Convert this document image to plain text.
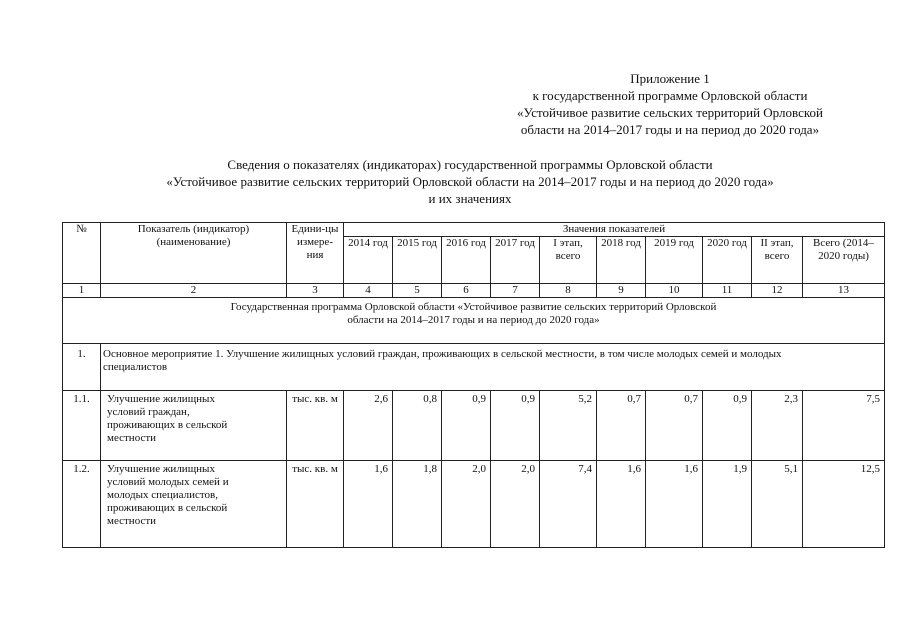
Приложение 1
к государственной программе Орловской области
«Устойчивое развитие сельских территорий Орловской
области на 2014–2017 годы и на период до 2020 года»
Сведения о показателях (индикаторах) государственной программы Орловской области
«Устойчивое развитие сельских территорий Орловской области на 2014–2017 годы и на период до 2020 года»
и их значениях
№	Показатель (индикатор) (наименование)	Едини-цы измере-ния	Значения показателей									
			2014 год	2015 год	2016 год	2017 год	I этап, всего	2018 год	2019 год	2020 год	II этап, всего	Всего (2014–2020 годы)
1	2	3	4	5	6	7	8	9	10	11	12	13
Государственная программа Орловской области «Устойчивое развитие сельских территорий Орловской области на 2014–2017 годы и на период до 2020 года»												
1.	Основное мероприятие 1. Улучшение жилищных условий граждан, проживающих в сельской местности, в том числе молодых семей и молодых специалистов											
1.1.	Улучшение жилищных условий граждан, проживающих в сельской местности	тыс. кв. м	2,6	0,8	0,9	0,9	5,2	0,7	0,7	0,9	2,3	7,5
1.2.	Улучшение жилищных условий молодых семей и молодых специалистов, проживающих в сельской местности	тыс. кв. м	1,6	1,8	2,0	2,0	7,4	1,6	1,6	1,9	5,1	12,5
